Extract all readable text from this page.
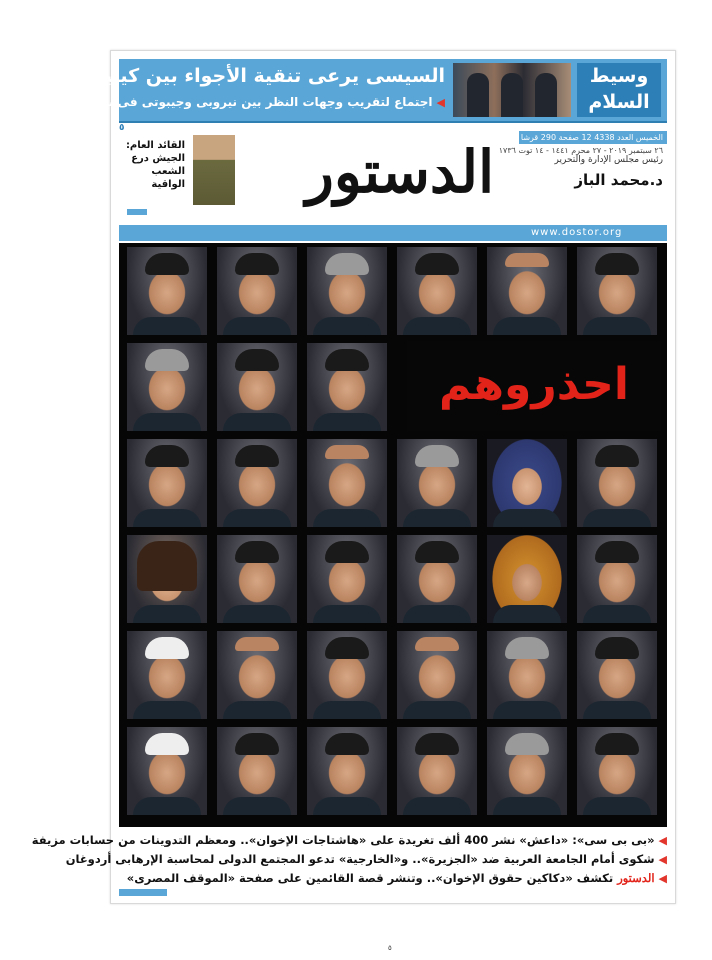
وسيط السلام
السيسى يرعى تنقية الأجواء بين كينيا والصومال
◀اجتماع لتقريب وجهات النظر بين نيروبى وجيبوتى فى نيويورك
٥
الخميس العدد 4338 12 صفحة 290 قرشا
٢٦ سبتمبر ٢٠١٩ - ٢٧ محرم ١٤٤١ - ١٤ توت ١٧٣٦
رئيس مجلس الإدارة والتحرير
د.محمد الباز
الدستور
القائد العام: الجيش درع الشعب الواقية
www.dostor.org
احذروهم
◀«بى بى سى»: «داعش» نشر 400 ألف تغريدة على «هاشتاجات الإخوان».. ومعظم التدوينات من حسابات مزيفة
◀شكوى أمام الجامعة العربية ضد «الجزيرة».. و«الخارجية» تدعو المجتمع الدولى لمحاسبة الإرهابى أردوغان
◀الدستور تكشف «دكاكين حقوق الإخوان».. وتنشر قصة القائمين على صفحة «الموقف المصرى»
٥
